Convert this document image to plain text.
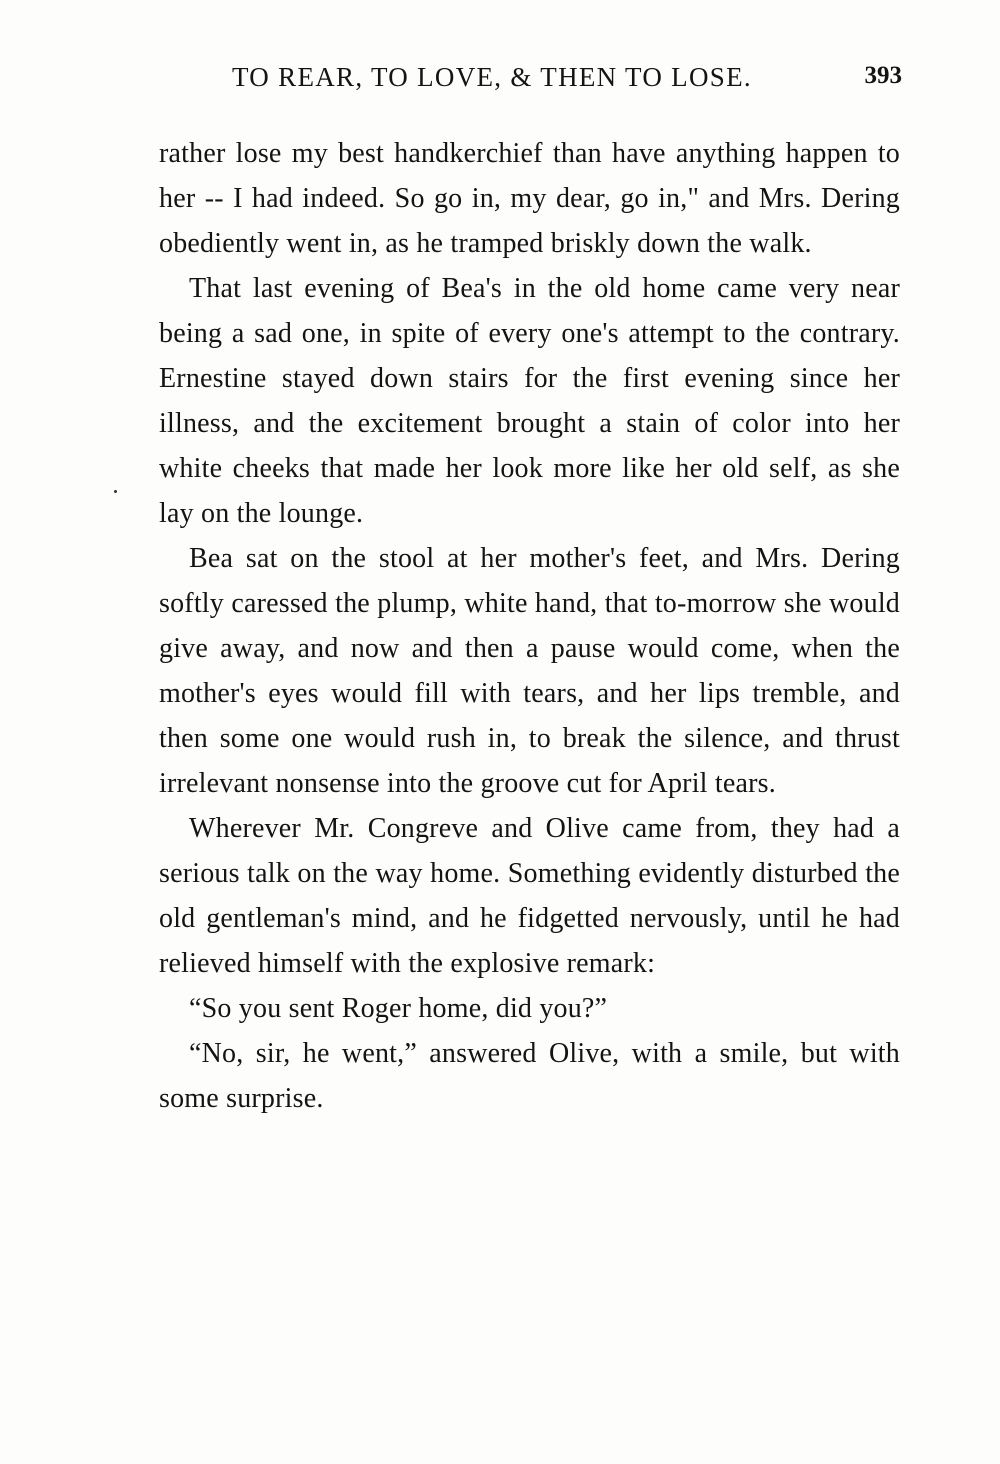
TO REAR, TO LOVE, & THEN TO LOSE.	393

rather lose my best handkerchief than have anything happen to her -- I had indeed. So go in, my dear, go in," and Mrs. Dering obediently went in, as he tramped briskly down the walk.

That last evening of Bea's in the old home came very near being a sad one, in spite of every one's attempt to the contrary. Ernestine stayed down stairs for the first evening since her illness, and the excitement brought a stain of color into her white cheeks that made her look more like her old self, as she lay on the lounge.

Bea sat on the stool at her mother's feet, and Mrs. Dering softly caressed the plump, white hand, that to-morrow she would give away, and now and then a pause would come, when the mother's eyes would fill with tears, and her lips tremble, and then some one would rush in, to break the silence, and thrust irrelevant nonsense into the groove cut for April tears.

Wherever Mr. Congreve and Olive came from, they had a serious talk on the way home. Something evidently disturbed the old gentleman's mind, and he fidgetted nervously, until he had relieved himself with the explosive remark:

“So you sent Roger home, did you?”

“No, sir, he went,” answered Olive, with a smile, but with some surprise.
